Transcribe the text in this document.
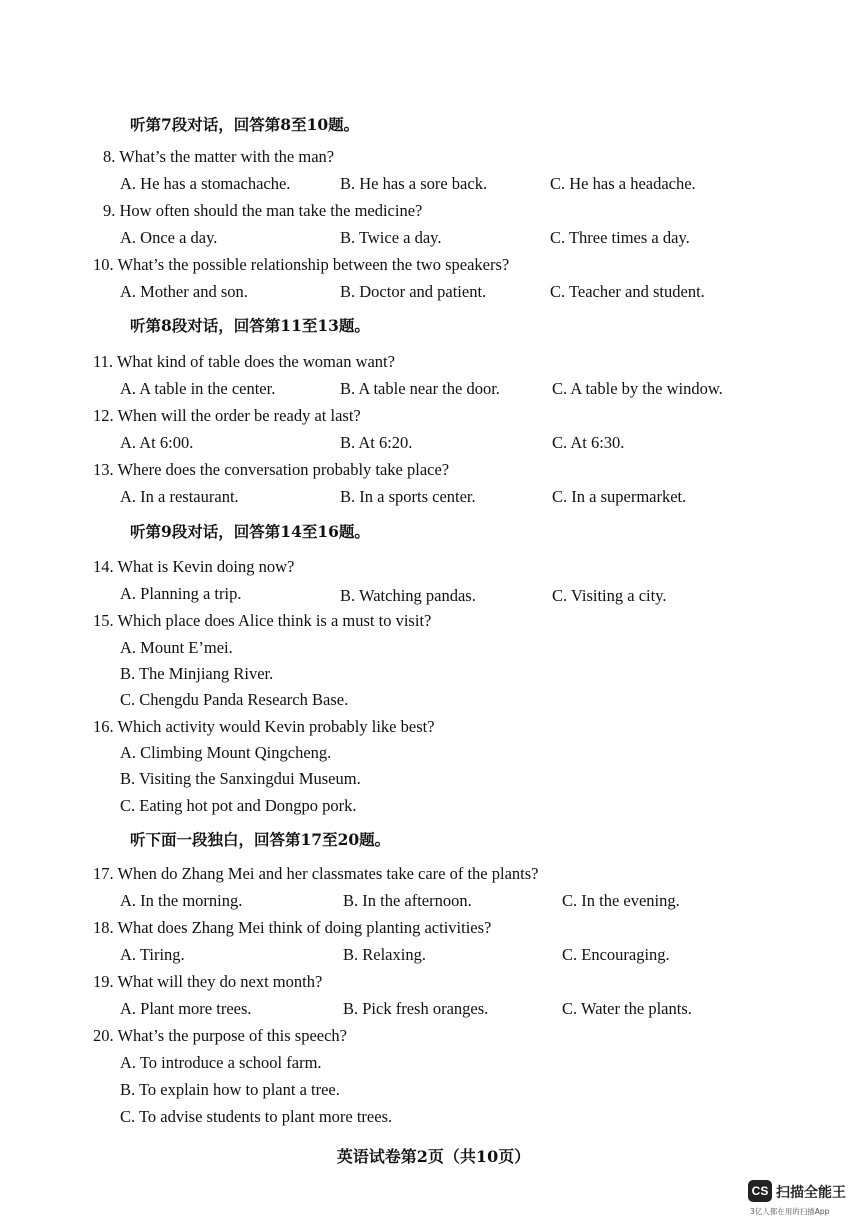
听第7段对话，回答第8至10题。
8. What’s the matter with the man?
A. He has a stomachache.	B. He has a sore back.	C. He has a headache.
9. How often should the man take the medicine?
A. Once a day.	B. Twice a day.	C. Three times a day.
10. What’s the possible relationship between the two speakers?
A. Mother and son.	B. Doctor and patient.	C. Teacher and student.
听第8段对话，回答第11至13题。
11. What kind of table does the woman want?
A. A table in the center.	B. A table near the door.	C. A table by the window.
12. When will the order be ready at last?
A. At 6:00.	B. At 6:20.	C. At 6:30.
13. Where does the conversation probably take place?
A. In a restaurant.	B. In a sports center.	C. In a supermarket.
听第9段对话，回答第14至16题。
14. What is Kevin doing now?
A. Planning a trip.	B. Watching pandas.	C. Visiting a city.
15. Which place does Alice think is a must to visit?
A. Mount E’mei.
B. The Minjiang River.
C. Chengdu Panda Research Base.
16. Which activity would Kevin probably like best?
A. Climbing Mount Qingcheng.
B. Visiting the Sanxingdui Museum.
C. Eating hot pot and Dongpo pork.
听下面一段独白，回答第17至20题。
17. When do Zhang Mei and her classmates take care of the plants?
A. In the morning.	B. In the afternoon.	C. In the evening.
18. What does Zhang Mei think of doing planting activities?
A. Tiring.	B. Relaxing.	C. Encouraging.
19. What will they do next month?
A. Plant more trees.	B. Pick fresh oranges.	C. Water the plants.
20. What’s the purpose of this speech?
A. To introduce a school farm.
B. To explain how to plant a tree.
C. To advise students to plant more trees.
英语试卷第2页（共10页）
CS 扫描全能王
3亿人都在用的扫描App
